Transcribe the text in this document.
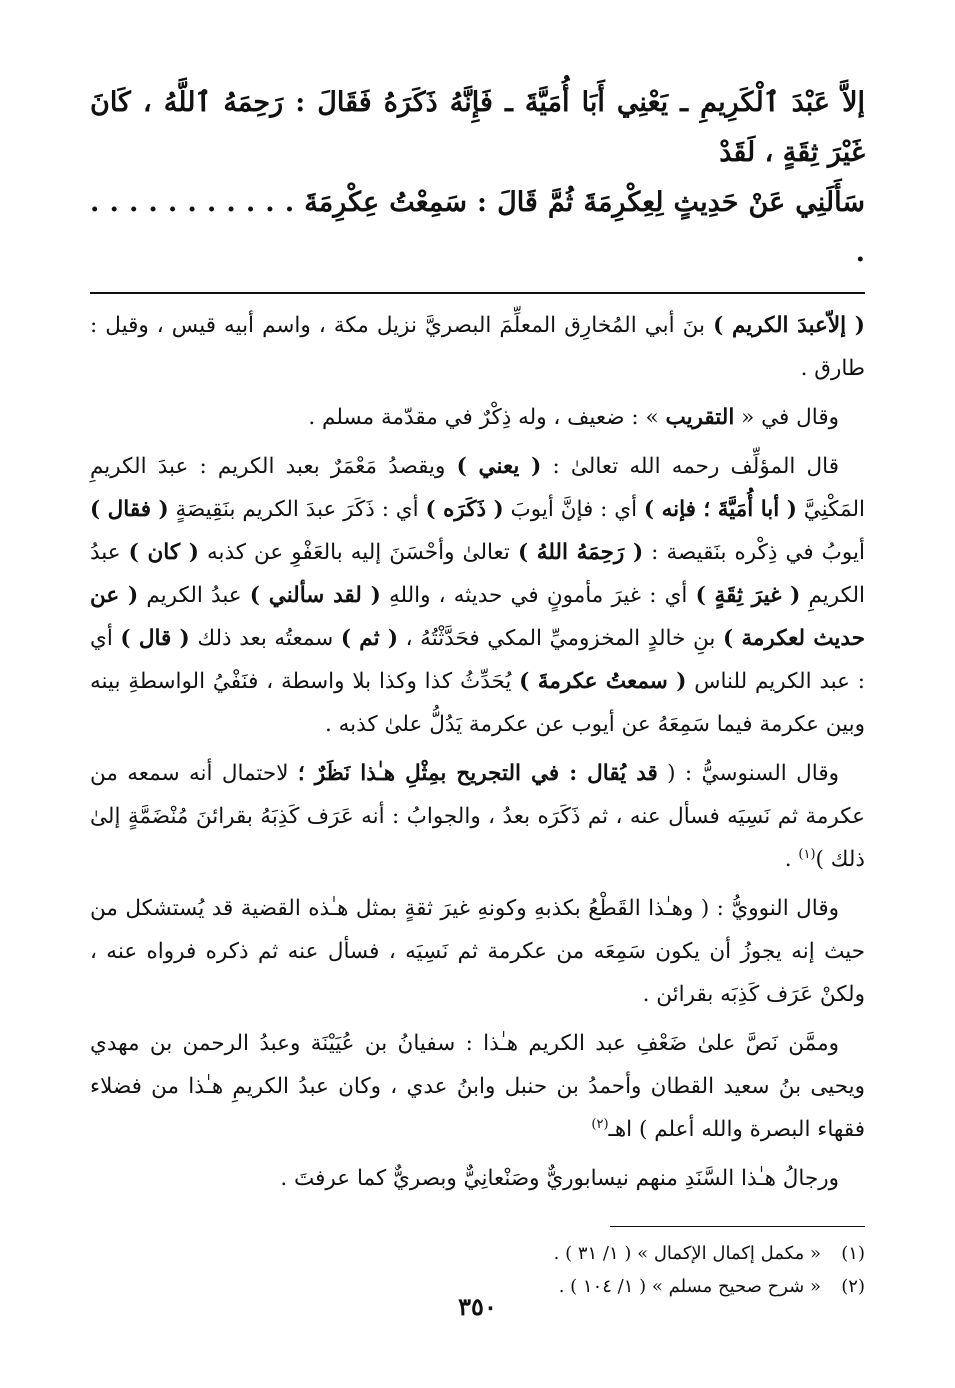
إلاَّ عَبْدَ ٱلْكَرِيمِ ـ يَعْنِي أَبَا أُمَيَّةَ ـ فَإِنَّهُ ذَكَرَهُ فَقَالَ : رَحِمَهُ ٱللَّهُ ، كَانَ غَيْرَ ثِقَةٍ ، لَقَدْ

سَأَلَنِي عَنْ حَدِيثٍ لِعِكْرِمَةَ ثُمَّ قَالَ : سَمِعْتُ عِكْرِمَةَ . . . . . . . . . . . .

( إلاّعبدَ الكريم ) بنَ أبي المُخارِق المعلِّمَ البصريَّ نزيل مكة ، واسم أبيه قيس ، وقيل : طارق .

وقال في « التقريب » : ضعيف ، وله ذِكْرٌ في مقدّمة مسلم .

قال المؤلِّف رحمه الله تعالىٰ : ( يعني ) ويقصدُ مَعْمَرٌ بعبد الكريم : عبدَ الكريمِ المَكْنِيَّ ( أبا أُمَيَّةَ ؛ فإنه ) أي : فإنَّ أيوبَ ( ذَكَرَه ) أي : ذَكَرَ عبدَ الكريم بنَقِيصَةٍ ( فقال ) أيوبُ في ذِكْره بنَقيصة : ( رَحِمَهُ اللهُ ) تعالىٰ وأحْسَنَ إليه بالعَفْوِ عن كذبه ( كان ) عبدُ الكريمِ ( غيرَ ثِقَةٍ ) أي : غيرَ مأمونٍ في حديثه ، واللهِ ( لقد سألني ) عبدُ الكريم ( عن حديث لعكرمة ) بنِ خالدٍ المخزوميِّ المكي فحَدَّثْتُهُ ، ( ثم ) سمعتُه بعد ذلك ( قال ) أي : عبد الكريم للناس ( سمعتُ عكرمةَ ) يُحَدِّثُ كذا وكذا بلا واسطة ، فنَفْيُ الواسطةِ بينه وبين عكرمة فيما سَمِعَهُ عن أيوب عن عكرمة يَدُلُّ علىٰ كذبه .

وقال السنوسيُّ : ( قد يُقال : في التجريح بمِثْلِ هـٰذا نَظَرٌ ؛ لاحتمال أنه سمعه من عكرمة ثم نَسِيَه فسأل عنه ، ثم ذَكَرَه بعدُ ، والجوابُ : أنه عَرَف كَذِبَهُ بقرائنَ مُنْضَمَّةٍ إلىٰ ذلك )$^{(١)}$ .

وقال النوويُّ : ( وهـٰذا القَطْعُ بكذبهِ وكونهِ غيرَ ثقةٍ بمثل هـٰذه القضية قد يُستشكل من حيث إنه يجوزُ أن يكون سَمِعَه من عكرمة ثم نَسِيَه ، فسأل عنه ثم ذكره فرواه عنه ، ولكنْ عَرَف كَذِبَه بقرائن .

وممَّن نَصَّ علىٰ ضَعْفِ عبد الكريم هـٰذا : سفيانُ بن عُيَيْنَة وعبدُ الرحمن بن مهدي ويحيى بنُ سعيد القطان وأحمدُ بن حنبل وابنُ عدي ، وكان عبدُ الكريمِ هـٰذا من فضلاء فقهاء البصرة والله أعلم ) اهـ$^{(٢)}$

ورجالُ هـٰذا السَّنَدِ منهم نيسابوريٌّ وصَنْعانِيٌّ وبصريٌّ كما عرفتَ .

(١)« مكمل إكمال الإكمال » ( ١/ ٣١ ) .
(٢)« شرح صحيح مسلم » ( ١/ ١٠٤ ) .
٣٥٠
